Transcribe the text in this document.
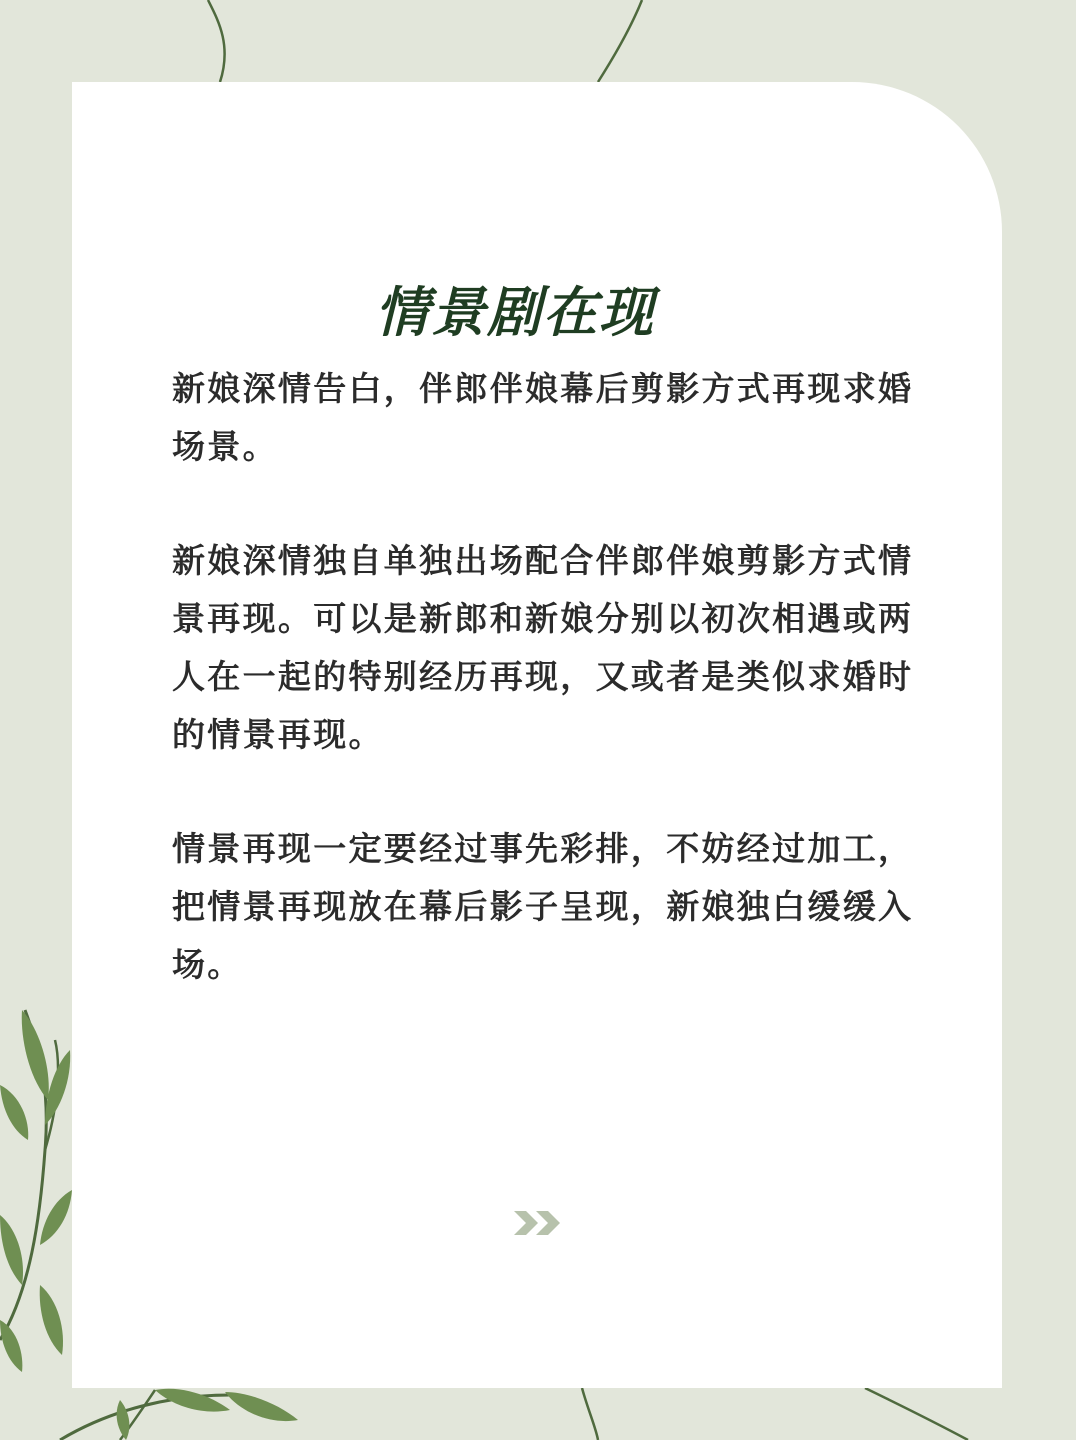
情景剧在现

新娘深情告白，伴郎伴娘幕后剪影方式再现求婚场景。

新娘深情独自单独出场配合伴郎伴娘剪影方式情景再现。可以是新郎和新娘分别以初次相遇或两人在一起的特别经历再现，又或者是类似求婚时的情景再现。

情景再现一定要经过事先彩排，不妨经过加工，把情景再现放在幕后影子呈现，新娘独白缓缓入场。
